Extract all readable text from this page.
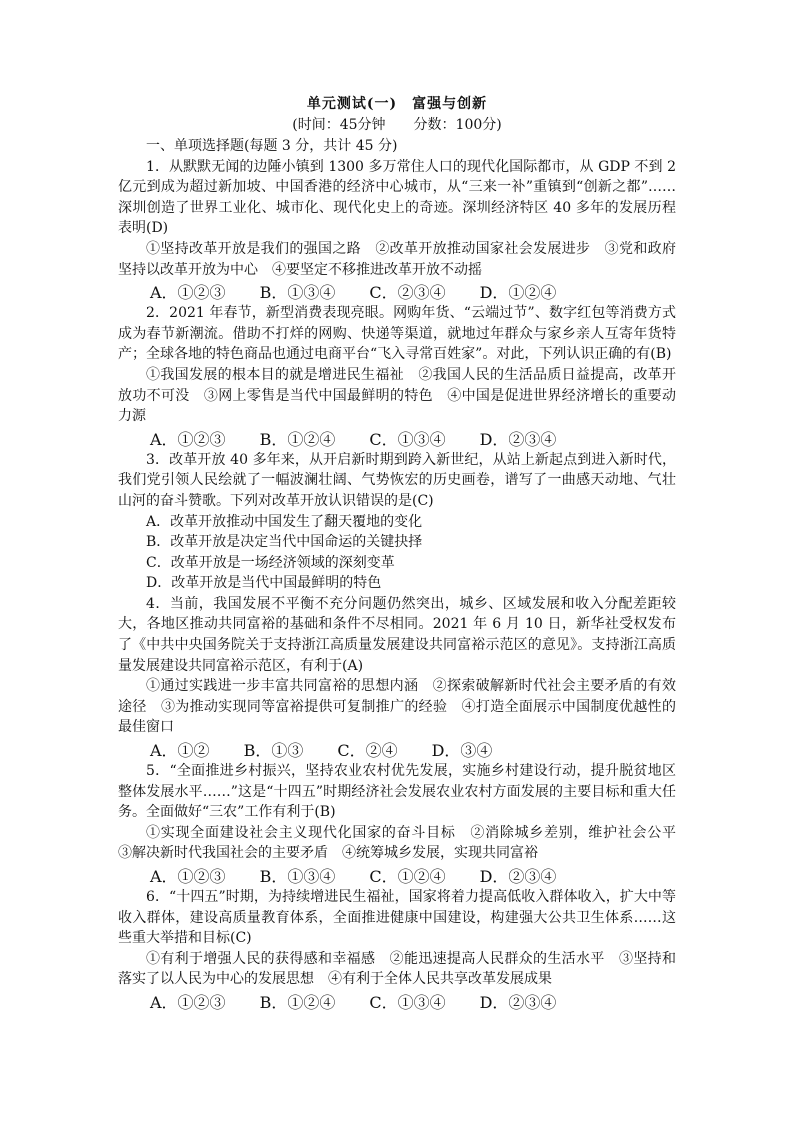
单元测试(一)　富强与创新
(时间：45分钟　　分数：100分)

一、单项选择题(每题 3 分，共计 45 分)

1．从默默无闻的边陲小镇到 1300 多万常住人口的现代化国际都市，从 GDP 不到 2 亿元到成为超过新加坡、中国香港的经济中心城市，从“三来一补”重镇到“创新之都”……深圳创造了世界工业化、城市化、现代化史上的奇迹。深圳经济特区 40 多年的发展历程表明(D)

①坚持改革开放是我们的强国之路　②改革开放推动国家社会发展进步　③党和政府坚持以改革开放为中心　④要坚定不移推进改革开放不动摇

A．①②③ B．①③④ C．②③④ D．①②④

2．2021 年春节，新型消费表现亮眼。网购年货、“云端过节”、数字红包等消费方式成为春节新潮流。借助不打烊的网购、快递等渠道，就地过年群众与家乡亲人互寄年货特产；全球各地的特色商品也通过电商平台“飞入寻常百姓家”。对此，下列认识正确的有(B)

①我国发展的根本目的就是增进民生福祉　②我国人民的生活品质日益提高，改革开放功不可没　③网上零售是当代中国最鲜明的特色　④中国是促进世界经济增长的重要动力源

A．①②③ B．①②④ C．①③④ D．②③④

3．改革开放 40 多年来，从开启新时期到跨入新世纪，从站上新起点到进入新时代，我们党引领人民绘就了一幅波澜壮阔、气势恢宏的历史画卷，谱写了一曲感天动地、气壮山河的奋斗赞歌。下列对改革开放认识错误的是(C)

A．改革开放推动中国发生了翻天覆地的变化

B．改革开放是决定当代中国命运的关键抉择

C．改革开放是一场经济领域的深刻变革

D．改革开放是当代中国最鲜明的特色

4．当前，我国发展不平衡不充分问题仍然突出，城乡、区域发展和收入分配差距较大，各地区推动共同富裕的基础和条件不尽相同。2021 年 6 月 10 日，新华社受权发布了《中共中央国务院关于支持浙江高质量发展建设共同富裕示范区的意见》。支持浙江高质量发展建设共同富裕示范区，有利于(A)

①通过实践进一步丰富共同富裕的思想内涵　②探索破解新时代社会主要矛盾的有效途径　③为推动实现同等富裕提供可复制推广的经验　④打造全面展示中国制度优越性的最佳窗口

A．①② B．①③ C．②④ D．③④

5．“全面推进乡村振兴，坚持农业农村优先发展，实施乡村建设行动，提升脱贫地区整体发展水平……”这是“十四五”时期经济社会发展农业农村方面发展的主要目标和重大任务。全面做好“三农”工作有利于(B)

①实现全面建设社会主义现代化国家的奋斗目标　②消除城乡差别，维护社会公平　③解决新时代我国社会的主要矛盾　④统筹城乡发展，实现共同富裕

A．①②③ B．①③④ C．①②④ D．②③④

6．“十四五”时期，为持续增进民生福祉，国家将着力提高低收入群体收入，扩大中等收入群体，建设高质量教育体系，全面推进健康中国建设，构建强大公共卫生体系……这些重大举措和目标(C)

①有利于增强人民的获得感和幸福感　②能迅速提高人民群众的生活水平　③坚持和落实了以人民为中心的发展思想　④有利于全体人民共享改革发展成果

A．①②③ B．①②④ C．①③④ D．②③④
